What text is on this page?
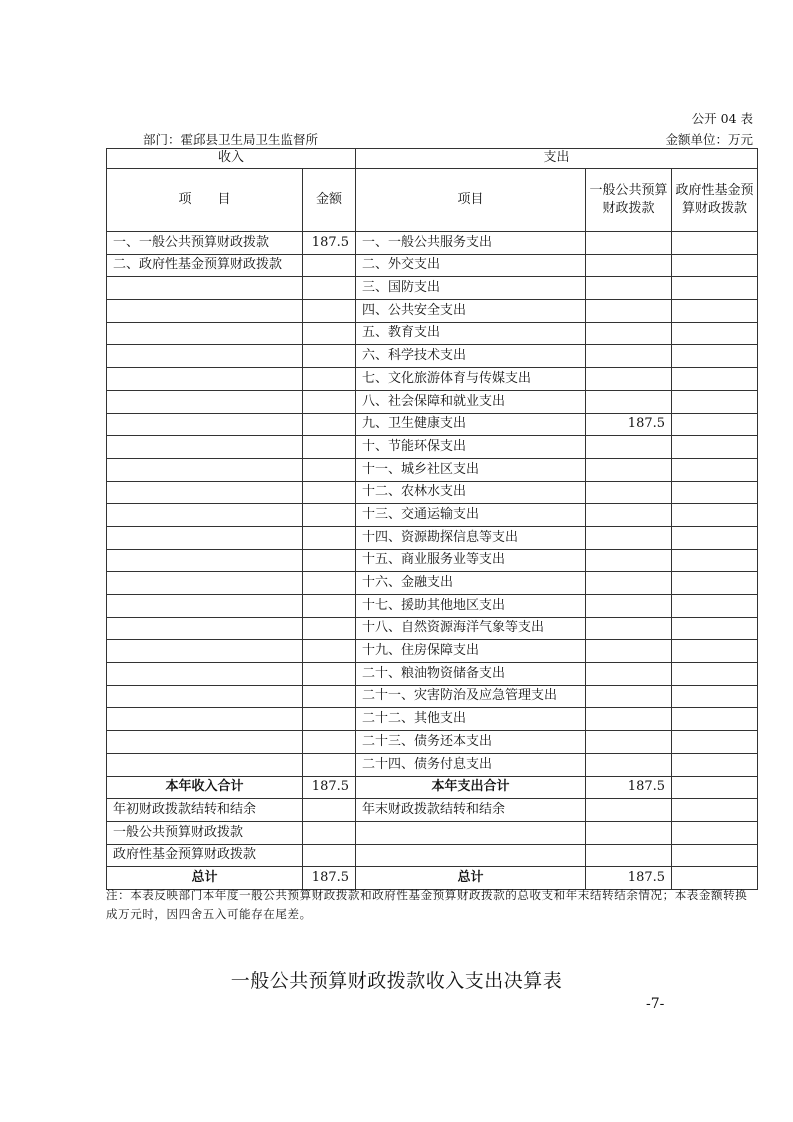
公开 04 表
部门：霍邱县卫生局卫生监督所	金额单位：万元
收入		支出		
项　　目	金额	项目	一般公共预算财政拨款	政府性基金预算财政拨款
一、一般公共预算财政拨款	187.5	一、一般公共服务支出		
二、政府性基金预算财政拨款		二、外交支出		
		三、国防支出		
		四、公共安全支出		
		五、教育支出		
		六、科学技术支出		
		七、文化旅游体育与传媒支出		
		八、社会保障和就业支出		
		九、卫生健康支出	187.5	
		十、节能环保支出		
		十一、城乡社区支出		
		十二、农林水支出		
		十三、交通运输支出		
		十四、资源勘探信息等支出		
		十五、商业服务业等支出		
		十六、金融支出		
		十七、援助其他地区支出		
		十八、自然资源海洋气象等支出		
		十九、住房保障支出		
		二十、粮油物资储备支出		
		二十一、灾害防治及应急管理支出		
		二十二、其他支出		
		二十三、债务还本支出		
		二十四、债务付息支出		
本年收入合计	187.5	本年支出合计	187.5	
年初财政拨款结转和结余		年末财政拨款结转和结余		
一般公共预算财政拨款				
政府性基金预算财政拨款				
总计	187.5	总计	187.5	
注：本表反映部门本年度一般公共预算财政拨款和政府性基金预算财政拨款的总收支和年末结转结余情况；本表金额转换成万元时，因四舍五入可能存在尾差。
一般公共预算财政拨款收入支出决算表
-7-
